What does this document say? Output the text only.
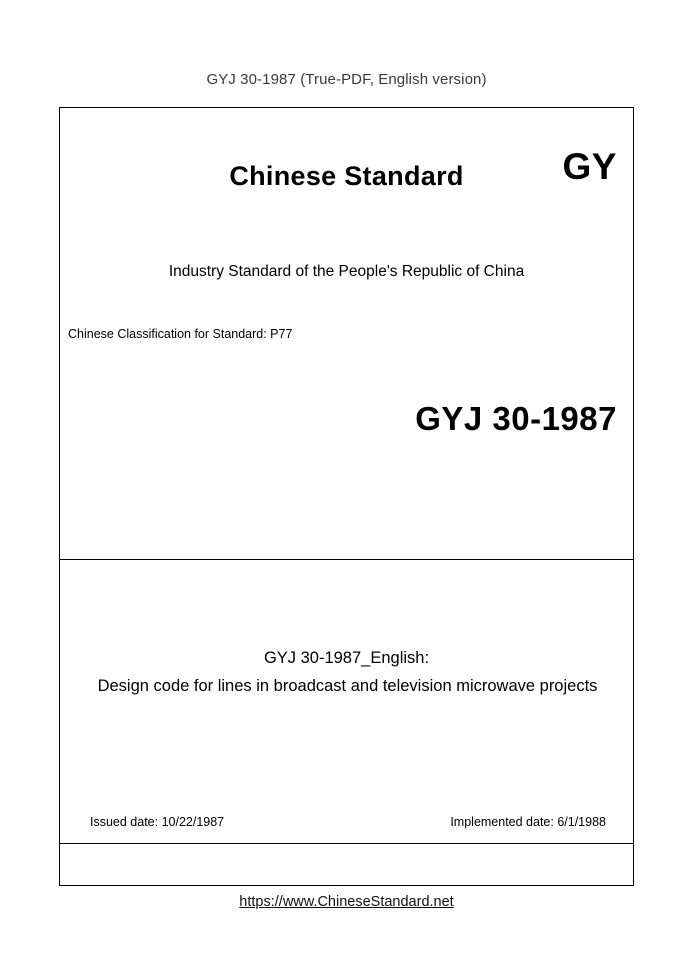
GYJ 30-1987 (True-PDF, English version)
Chinese Standard	GY
Industry Standard of the People's Republic of China
Chinese Classification for Standard: P77
GYJ 30-1987
GYJ 30-1987_English:
Design code for lines in broadcast and television microwave projects
Issued date: 10/22/1987	Implemented date: 6/1/1988
https://www.ChineseStandard.net
